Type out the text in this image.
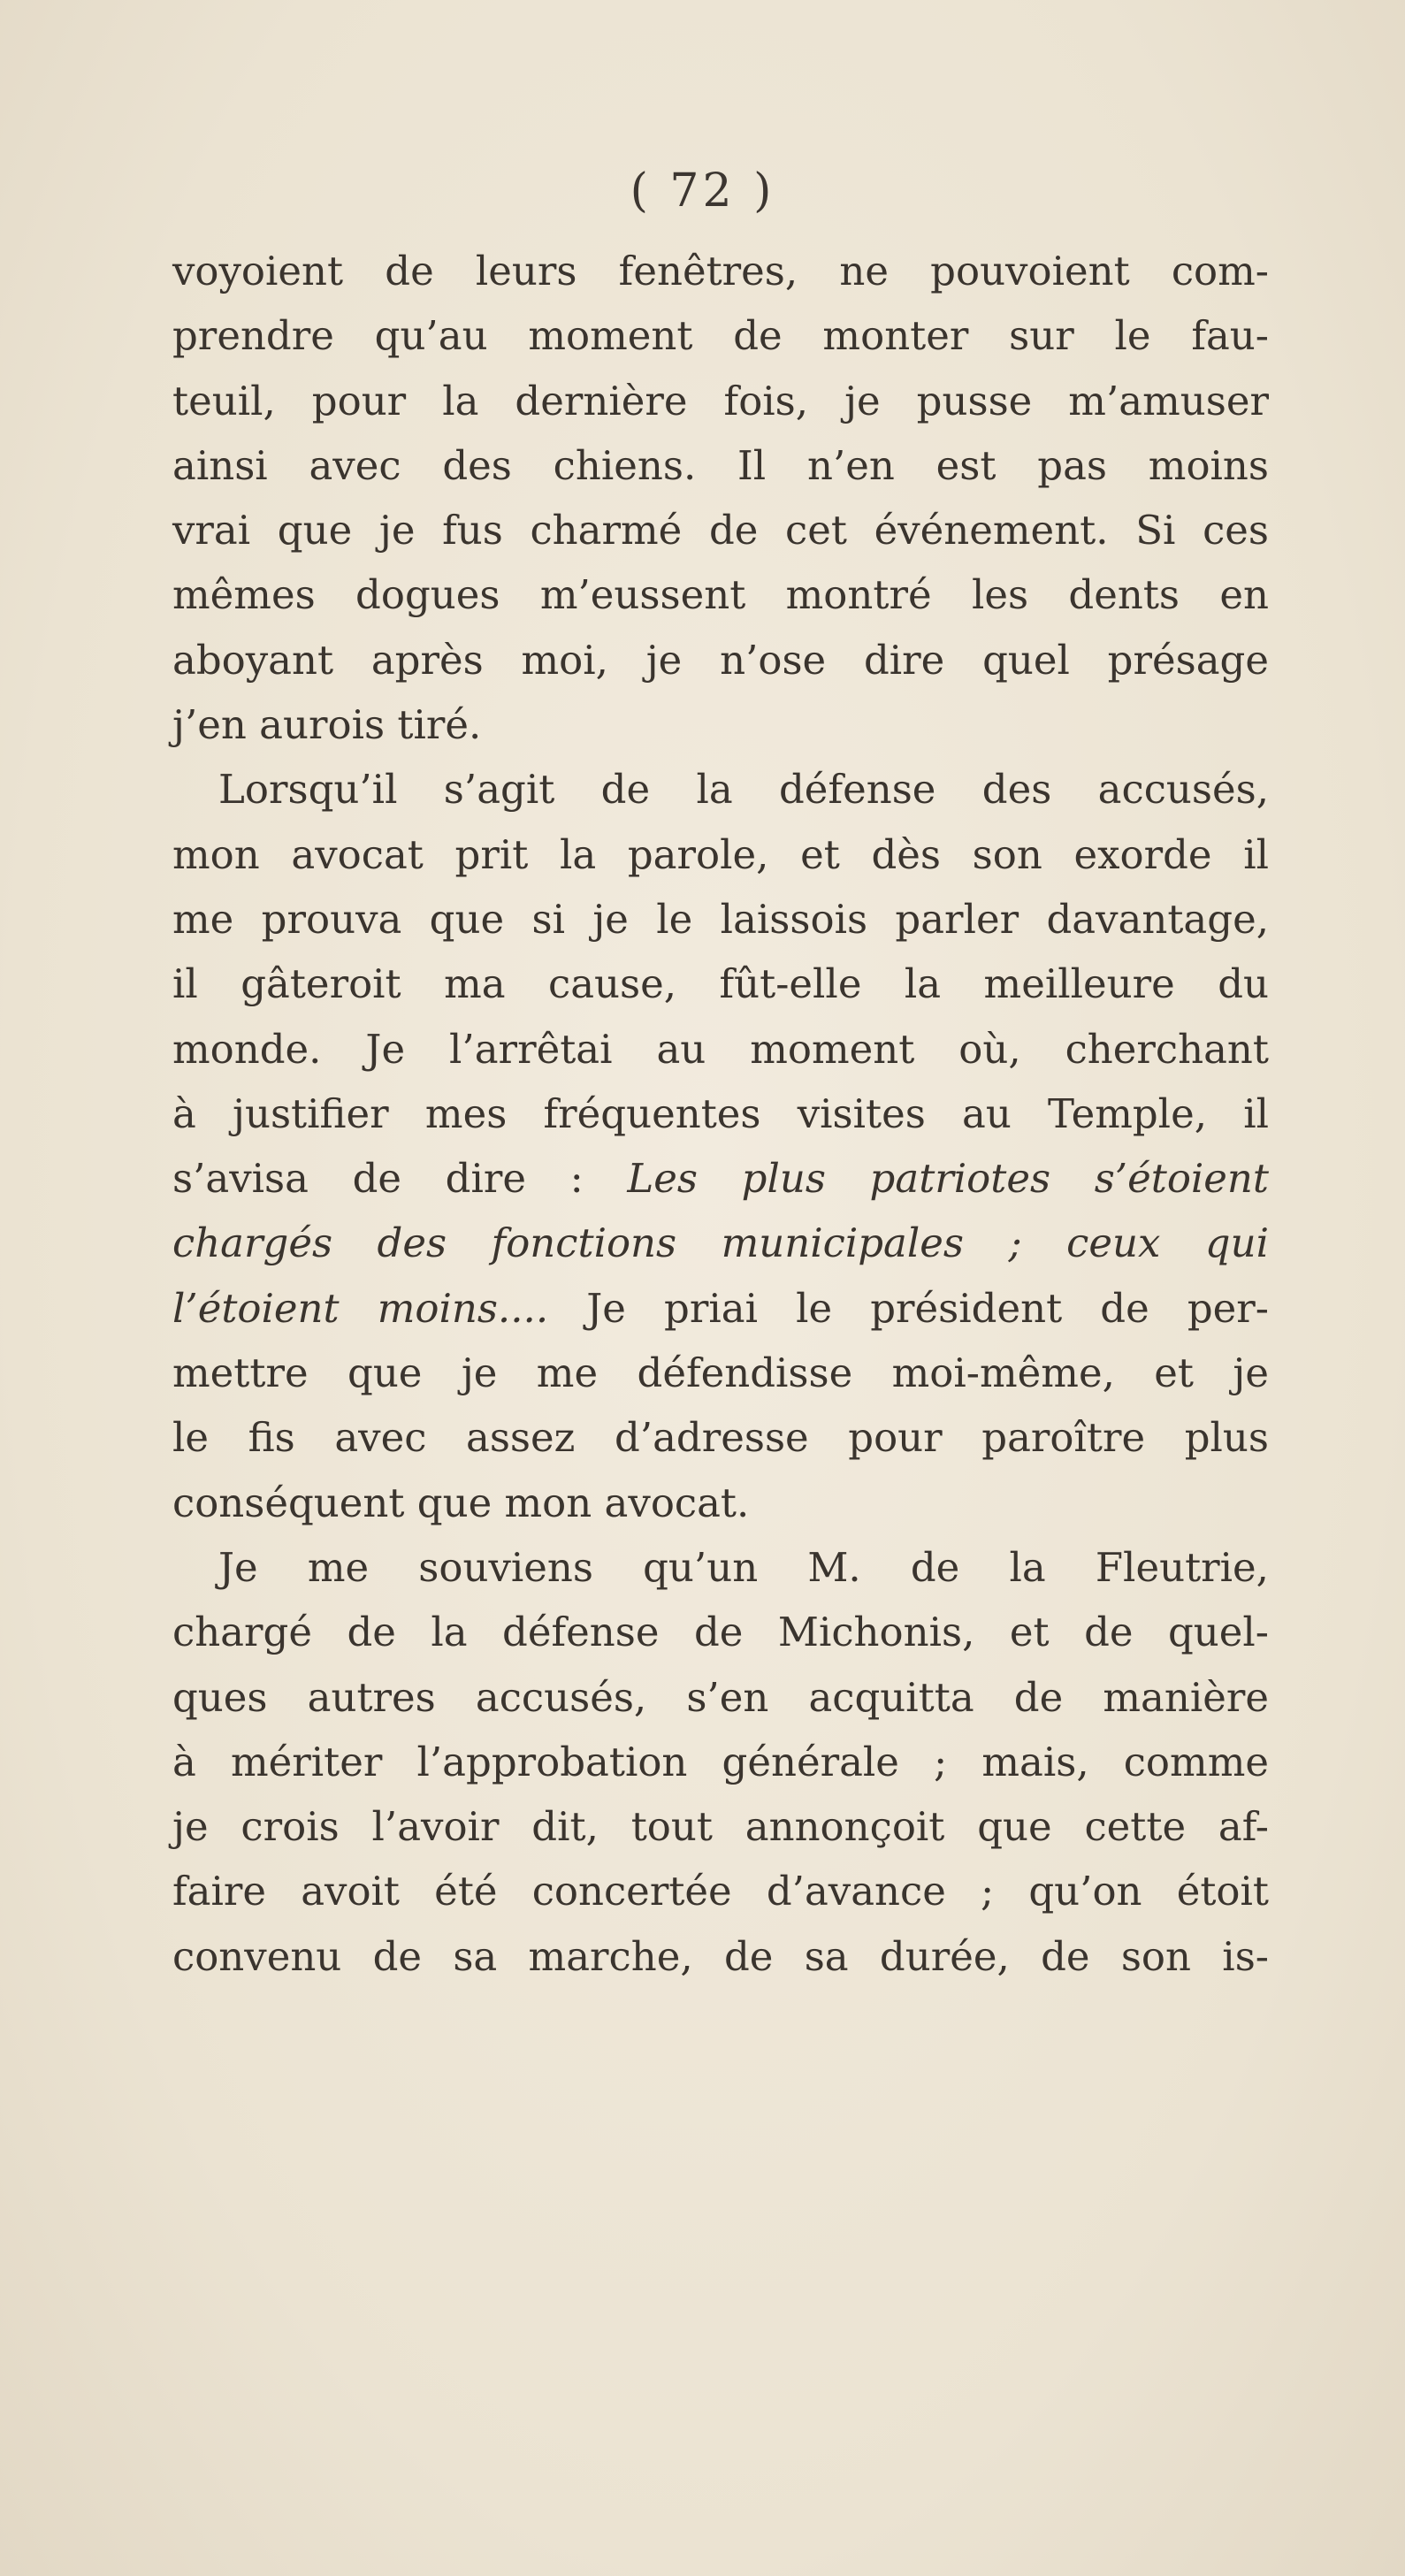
( 72 )
voyoient de leurs fenêtres, ne pouvoient com-
prendre qu’au moment de monter sur le fau-
teuil, pour la dernière fois, je pusse m’amuser
ainsi avec des chiens. Il n’en est pas moins
vrai que je fus charmé de cet événement. Si ces
mêmes dogues m’eussent montré les dents en
aboyant après moi, je n’ose dire quel présage
j’en aurois tiré.
Lorsqu’il s’agit de la défense des accusés,
mon avocat prit la parole, et dès son exorde il
me prouva que si je le laissois parler davantage,
il gâteroit ma cause, fût-elle la meilleure du
monde. Je l’arrêtai au moment où, cherchant
à justifier mes fréquentes visites au Temple, il
s’avisa de dire : Les plus patriotes s’étoient
chargés des fonctions municipales ; ceux qui
l’étoient moins.... Je priai le président de per-
mettre que je me défendisse moi-même, et je
le fis avec assez d’adresse pour paroître plus
conséquent que mon avocat.
Je me souviens qu’un M. de la Fleutrie,
chargé de la défense de Michonis, et de quel-
ques autres accusés, s’en acquitta de manière
à mériter l’approbation générale ; mais, comme
je crois l’avoir dit, tout annonçoit que cette af-
faire avoit été concertée d’avance ; qu’on étoit
convenu de sa marche, de sa durée, de son is-
